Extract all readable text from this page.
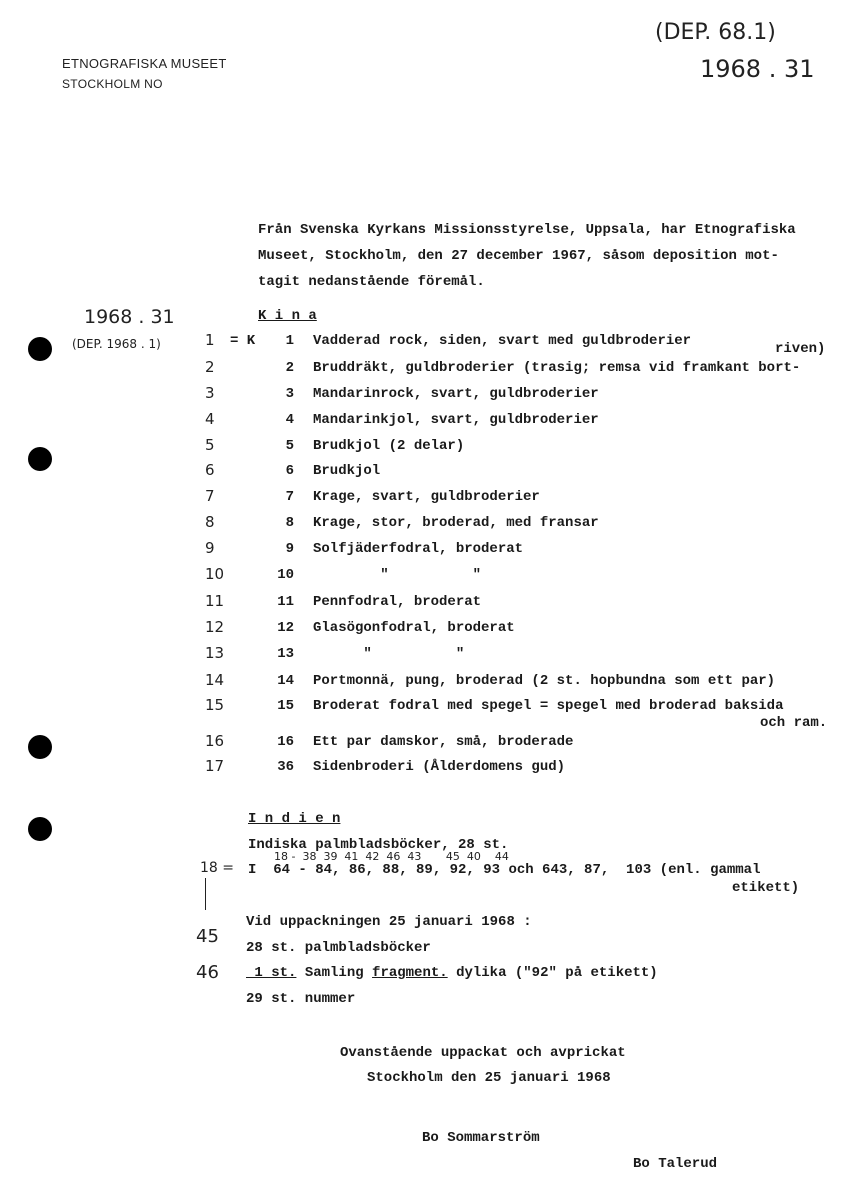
ETNOGRAFISKA MUSEET
STOCKHOLM NO
(DEP. 68.1)
1968 . 31
1968 . 31
(DEP. 1968 . 1)
Från Svenska Kyrkans Missionsstyrelse, Uppsala, har Etnografiska
Museet, Stockholm, den 27 december 1967, såsom deposition mot-
tagit nedanstående föremål.
K i n a
1 = K	1 Vadderad rock, siden, svart med guldbroderier
2	2 Bruddräkt, guldbroderier (trasig; remsa vid framkant bort-
riven)
3	3 Mandarinrock, svart, guldbroderier
4	4 Mandarinkjol, svart, guldbroderier
5	5 Brudkjol (2 delar)
6	6 Brudkjol
7	7 Krage, svart, guldbroderier
8	8 Krage, stor, broderad, med fransar
9	9 Solfjäderfodral, broderat
10	10 "          "
11	11 Pennfodral, broderat
12	12 Glasögonfodral, broderat
13	13 "          "
14	14 Portmonnä, pung, broderad (2 st. hopbundna som ett par)
15	15 Broderat fodral med spegel = spegel med broderad baksida
och ram.
16	16 Ett par damskor, små, broderade
17	36 Sidenbroderi (Ålderdomens gud)
I n d i e n
Indiska palmbladsböcker, 28 st.
18 -  38  39  41  42  46  43       45  40    44
18 = I  64 - 84, 86, 88, 89, 92, 93 och 643, 87,  103 (enl. gammal
etikett)
Vid uppackningen 25 januari 1968 :
45
28 st. palmbladsböcker
46 1 st. Samling fragment. dylika ("92" på etikett)
29 st. nummer
Ovanstående uppackat och avprickat
Stockholm den 25 januari 1968
Bo Sommarström
Bo Talerud
